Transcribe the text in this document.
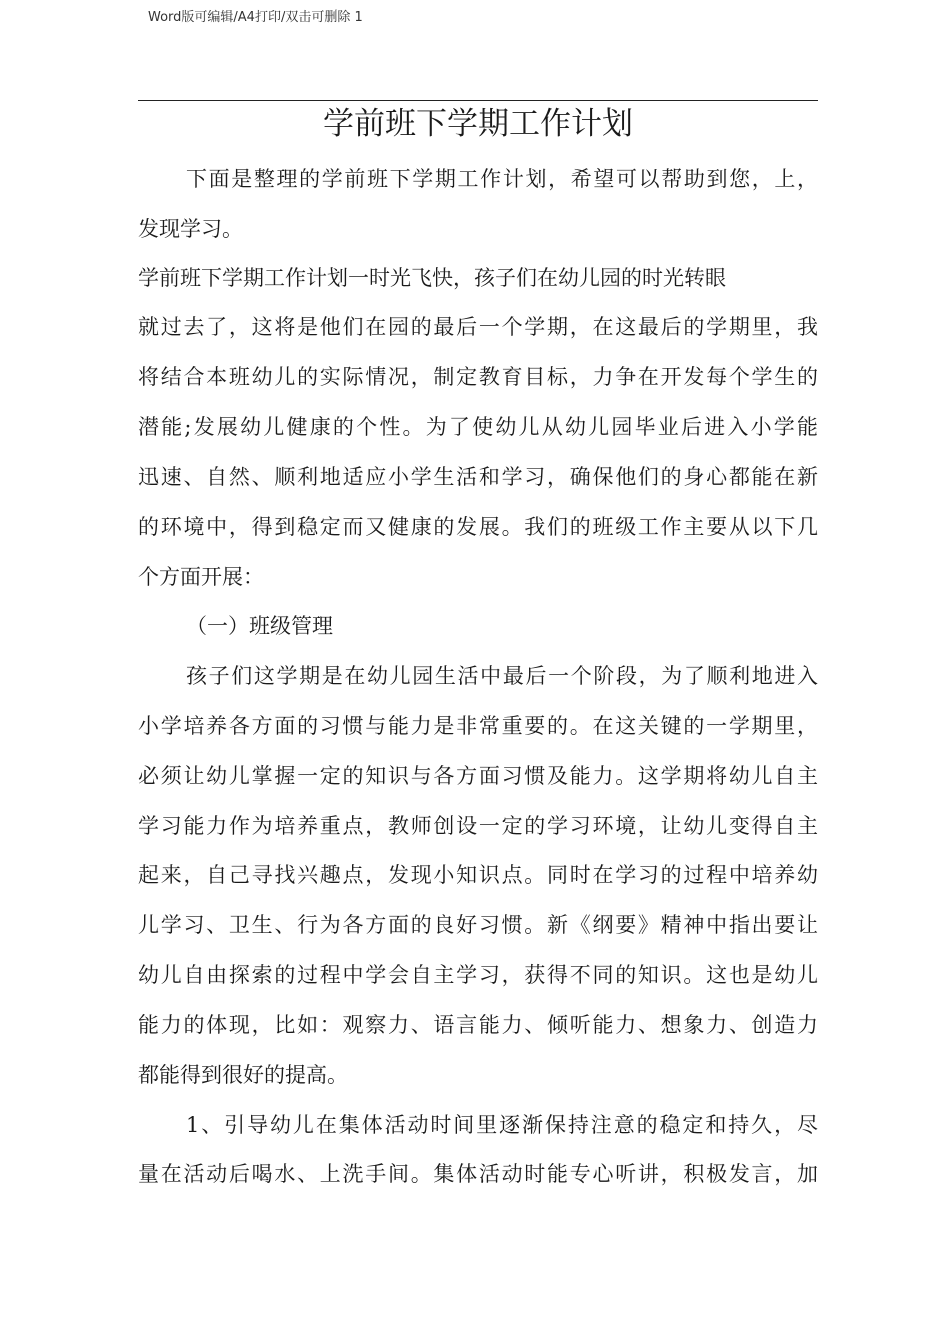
Word版可编辑/A4打印/双击可删除 1
学前班下学期工作计划
下面是整理的学前班下学期工作计划，希望可以帮助到您，上，
发现学习。
学前班下学期工作计划一时光飞快，孩子们在幼儿园的时光转眼
就过去了，这将是他们在园的最后一个学期，在这最后的学期里，我
将结合本班幼儿的实际情况，制定教育目标，力争在开发每个学生的
潜能;发展幼儿健康的个性。为了使幼儿从幼儿园毕业后进入小学能
迅速、自然、顺利地适应小学生活和学习，确保他们的身心都能在新
的环境中，得到稳定而又健康的发展。我们的班级工作主要从以下几
个方面开展：
（一）班级管理
孩子们这学期是在幼儿园生活中最后一个阶段，为了顺利地进入
小学培养各方面的习惯与能力是非常重要的。在这关键的一学期里，
必须让幼儿掌握一定的知识与各方面习惯及能力。这学期将幼儿自主
学习能力作为培养重点，教师创设一定的学习环境，让幼儿变得自主
起来，自己寻找兴趣点，发现小知识点。同时在学习的过程中培养幼
儿学习、卫生、行为各方面的良好习惯。新《纲要》精神中指出要让
幼儿自由探索的过程中学会自主学习，获得不同的知识。这也是幼儿
能力的体现，比如：观察力、语言能力、倾听能力、想象力、创造力
都能得到很好的提高。
1、引导幼儿在集体活动时间里逐渐保持注意的稳定和持久，尽
量在活动后喝水、上洗手间。集体活动时能专心听讲，积极发言，加
